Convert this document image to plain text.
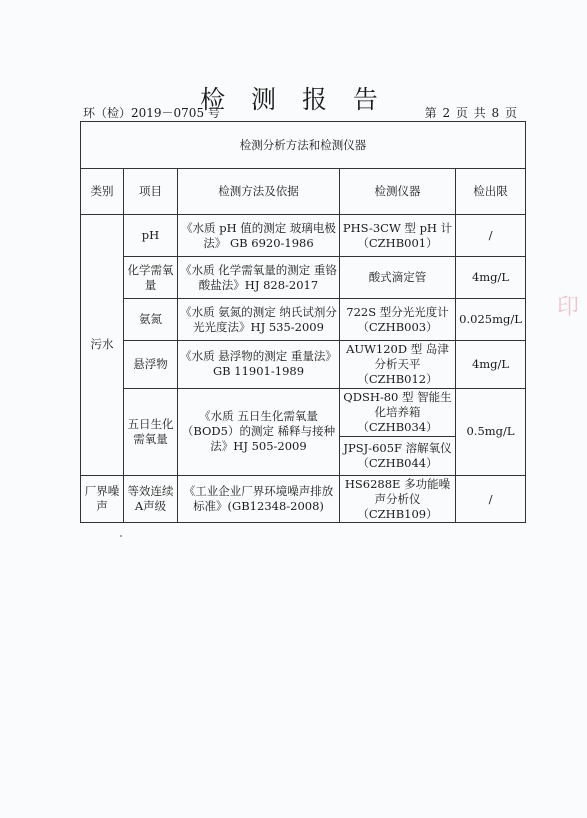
检 测 报 告
环（检）2019－0705 号	第 2 页 共 8 页
检测分析方法和检测仪器				
类别	项目	检测方法及依据	检测仪器	检出限
污水	pH	《水质 pH 值的测定 玻璃电极法》 GB 6920-1986	PHS-3CW 型 pH 计（CZHB001）	/
	化学需氧量	《水质 化学需氧量的测定 重铬酸盐法》HJ 828-2017	酸式滴定管	4mg/L
	氨氮	《水质 氨氮的测定 纳氏试剂分光光度法》HJ 535-2009	722S 型分光光度计（CZHB003）	0.025mg/L
	悬浮物	《水质 悬浮物的测定 重量法》GB 11901-1989	AUW120D 型 岛津分析天平（CZHB012）	4mg/L
	五日生化需氧量	《水质 五日生化需氧量（BOD5）的测定 稀释与接种法》HJ 505-2009	QDSH-80 型 智能生化培养箱（CZHB034）	0.5mg/L
			JPSJ-605F 溶解氧仪（CZHB044）	
厂界噪声	等效连续A声级	《工业企业厂界环境噪声排放标准》(GB12348-2008)	HS6288E 多功能噪声分析仪（CZHB109）	/
印
